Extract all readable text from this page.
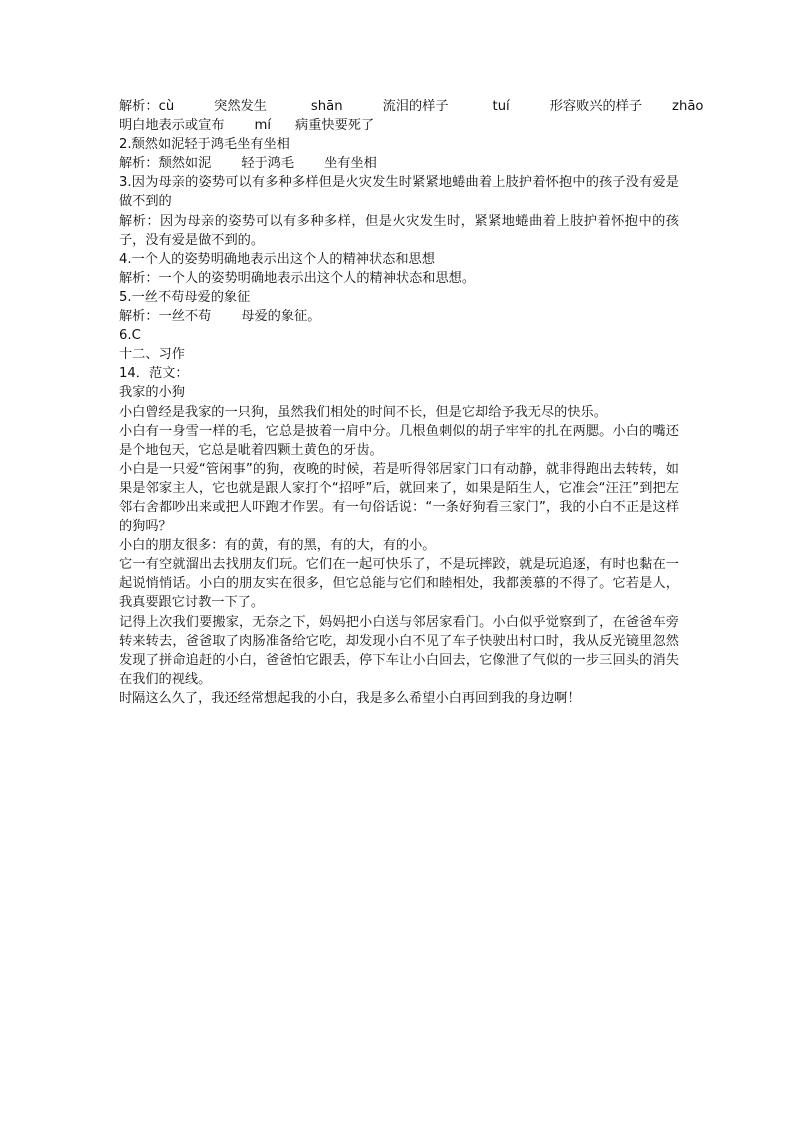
解析：cù	突然发生	shān	流泪的样子	tuí	形容败兴的样子 zhāo
明白地表示或宣布 mí 病重快要死了
2.颓然如泥轻于鸿毛坐有坐相
解析：颓然如泥 轻于鸿毛 坐有坐相
3.因为母亲的姿势可以有多种多样但是火灾发生时紧紧地蜷曲着上肢护着怀抱中的孩子没有爱是做不到的
解析：因为母亲的姿势可以有多种多样，但是火灾发生时，紧紧地蜷曲着上肢护着怀抱中的孩子，没有爱是做不到的。
4.一个人的姿势明确地表示出这个人的精神状态和思想
解析：一个人的姿势明确地表示出这个人的精神状态和思想。
5.一丝不苟母爱的象征
解析：一丝不苟 母爱的象征。
6.C
十二、习作
14．范文：
我家的小狗
小白曾经是我家的一只狗，虽然我们相处的时间不长，但是它却给予我无尽的快乐。
小白有一身雪一样的毛，它总是披着一肩中分。几根鱼刺似的胡子牢牢的扎在两腮。小白的嘴还是个地包天，它总是呲着四颗土黄色的牙齿。
小白是一只爱“管闲事”的狗，夜晚的时候，若是听得邻居家门口有动静，就非得跑出去转转，如果是邻家主人，它也就是跟人家打个“招呼”后，就回来了，如果是陌生人，它准会“汪汪”到把左邻右舍都吵出来或把人吓跑才作罢。有一句俗话说：“一条好狗看三家门”，我的小白不正是这样的狗吗？
小白的朋友很多：有的黄，有的黑，有的大，有的小。
它一有空就溜出去找朋友们玩。它们在一起可快乐了，不是玩摔跤，就是玩追逐，有时也黏在一起说悄悄话。小白的朋友实在很多，但它总能与它们和睦相处，我都羡慕的不得了。它若是人，我真要跟它讨教一下了。
记得上次我们要搬家，无奈之下，妈妈把小白送与邻居家看门。小白似乎觉察到了，在爸爸车旁转来转去，爸爸取了肉肠准备给它吃，却发现小白不见了车子快驶出村口时，我从反光镜里忽然发现了拼命追赶的小白，爸爸怕它跟丢，停下车让小白回去，它像泄了气似的一步三回头的消失在我们的视线。
时隔这么久了，我还经常想起我的小白，我是多么希望小白再回到我的身边啊！
